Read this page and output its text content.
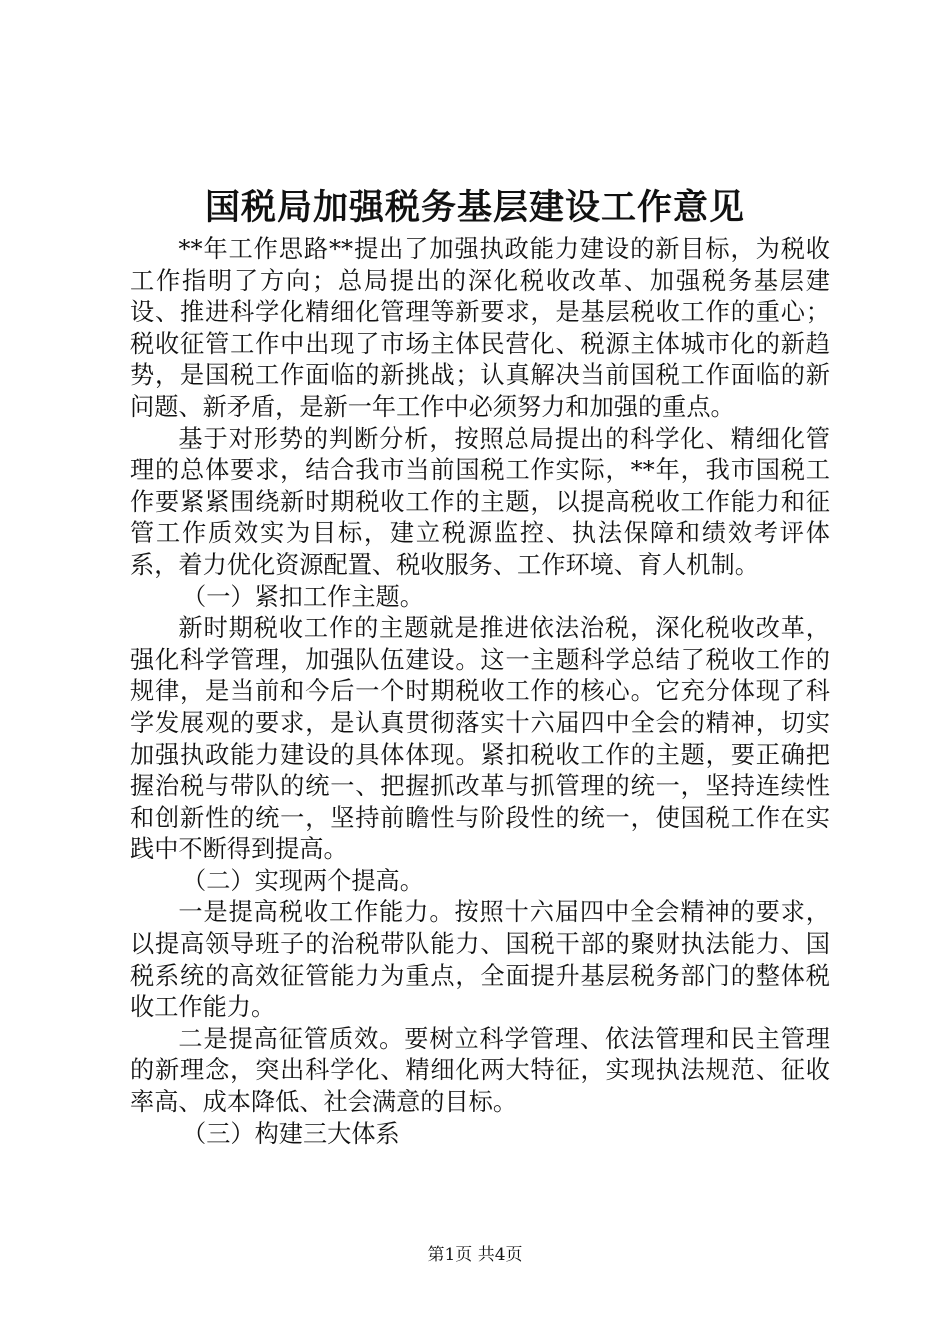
国税局加强税务基层建设工作意见

**年工作思路**提出了加强执政能力建设的新目标，为税收工作指明了方向；总局提出的深化税收改革、加强税务基层建设、推进科学化精细化管理等新要求，是基层税收工作的重心；税收征管工作中出现了市场主体民营化、税源主体城市化的新趋势，是国税工作面临的新挑战；认真解决当前国税工作面临的新问题、新矛盾，是新一年工作中必须努力和加强的重点。

基于对形势的判断分析，按照总局提出的科学化、精细化管理的总体要求，结合我市当前国税工作实际，**年，我市国税工作要紧紧围绕新时期税收工作的主题，以提高税收工作能力和征管工作质效实为目标，建立税源监控、执法保障和绩效考评体系，着力优化资源配置、税收服务、工作环境、育人机制。

（一）紧扣工作主题。

新时期税收工作的主题就是推进依法治税，深化税收改革，强化科学管理，加强队伍建设。这一主题科学总结了税收工作的规律，是当前和今后一个时期税收工作的核心。它充分体现了科学发展观的要求，是认真贯彻落实十六届四中全会的精神，切实加强执政能力建设的具体体现。紧扣税收工作的主题，要正确把握治税与带队的统一、把握抓改革与抓管理的统一，坚持连续性和创新性的统一，坚持前瞻性与阶段性的统一，使国税工作在实践中不断得到提高。

（二）实现两个提高。

一是提高税收工作能力。按照十六届四中全会精神的要求，以提高领导班子的治税带队能力、国税干部的聚财执法能力、国税系统的高效征管能力为重点，全面提升基层税务部门的整体税收工作能力。

二是提高征管质效。要树立科学管理、依法管理和民主管理的新理念，突出科学化、精细化两大特征，实现执法规范、征收率高、成本降低、社会满意的目标。

（三）构建三大体系

第1页 共4页
